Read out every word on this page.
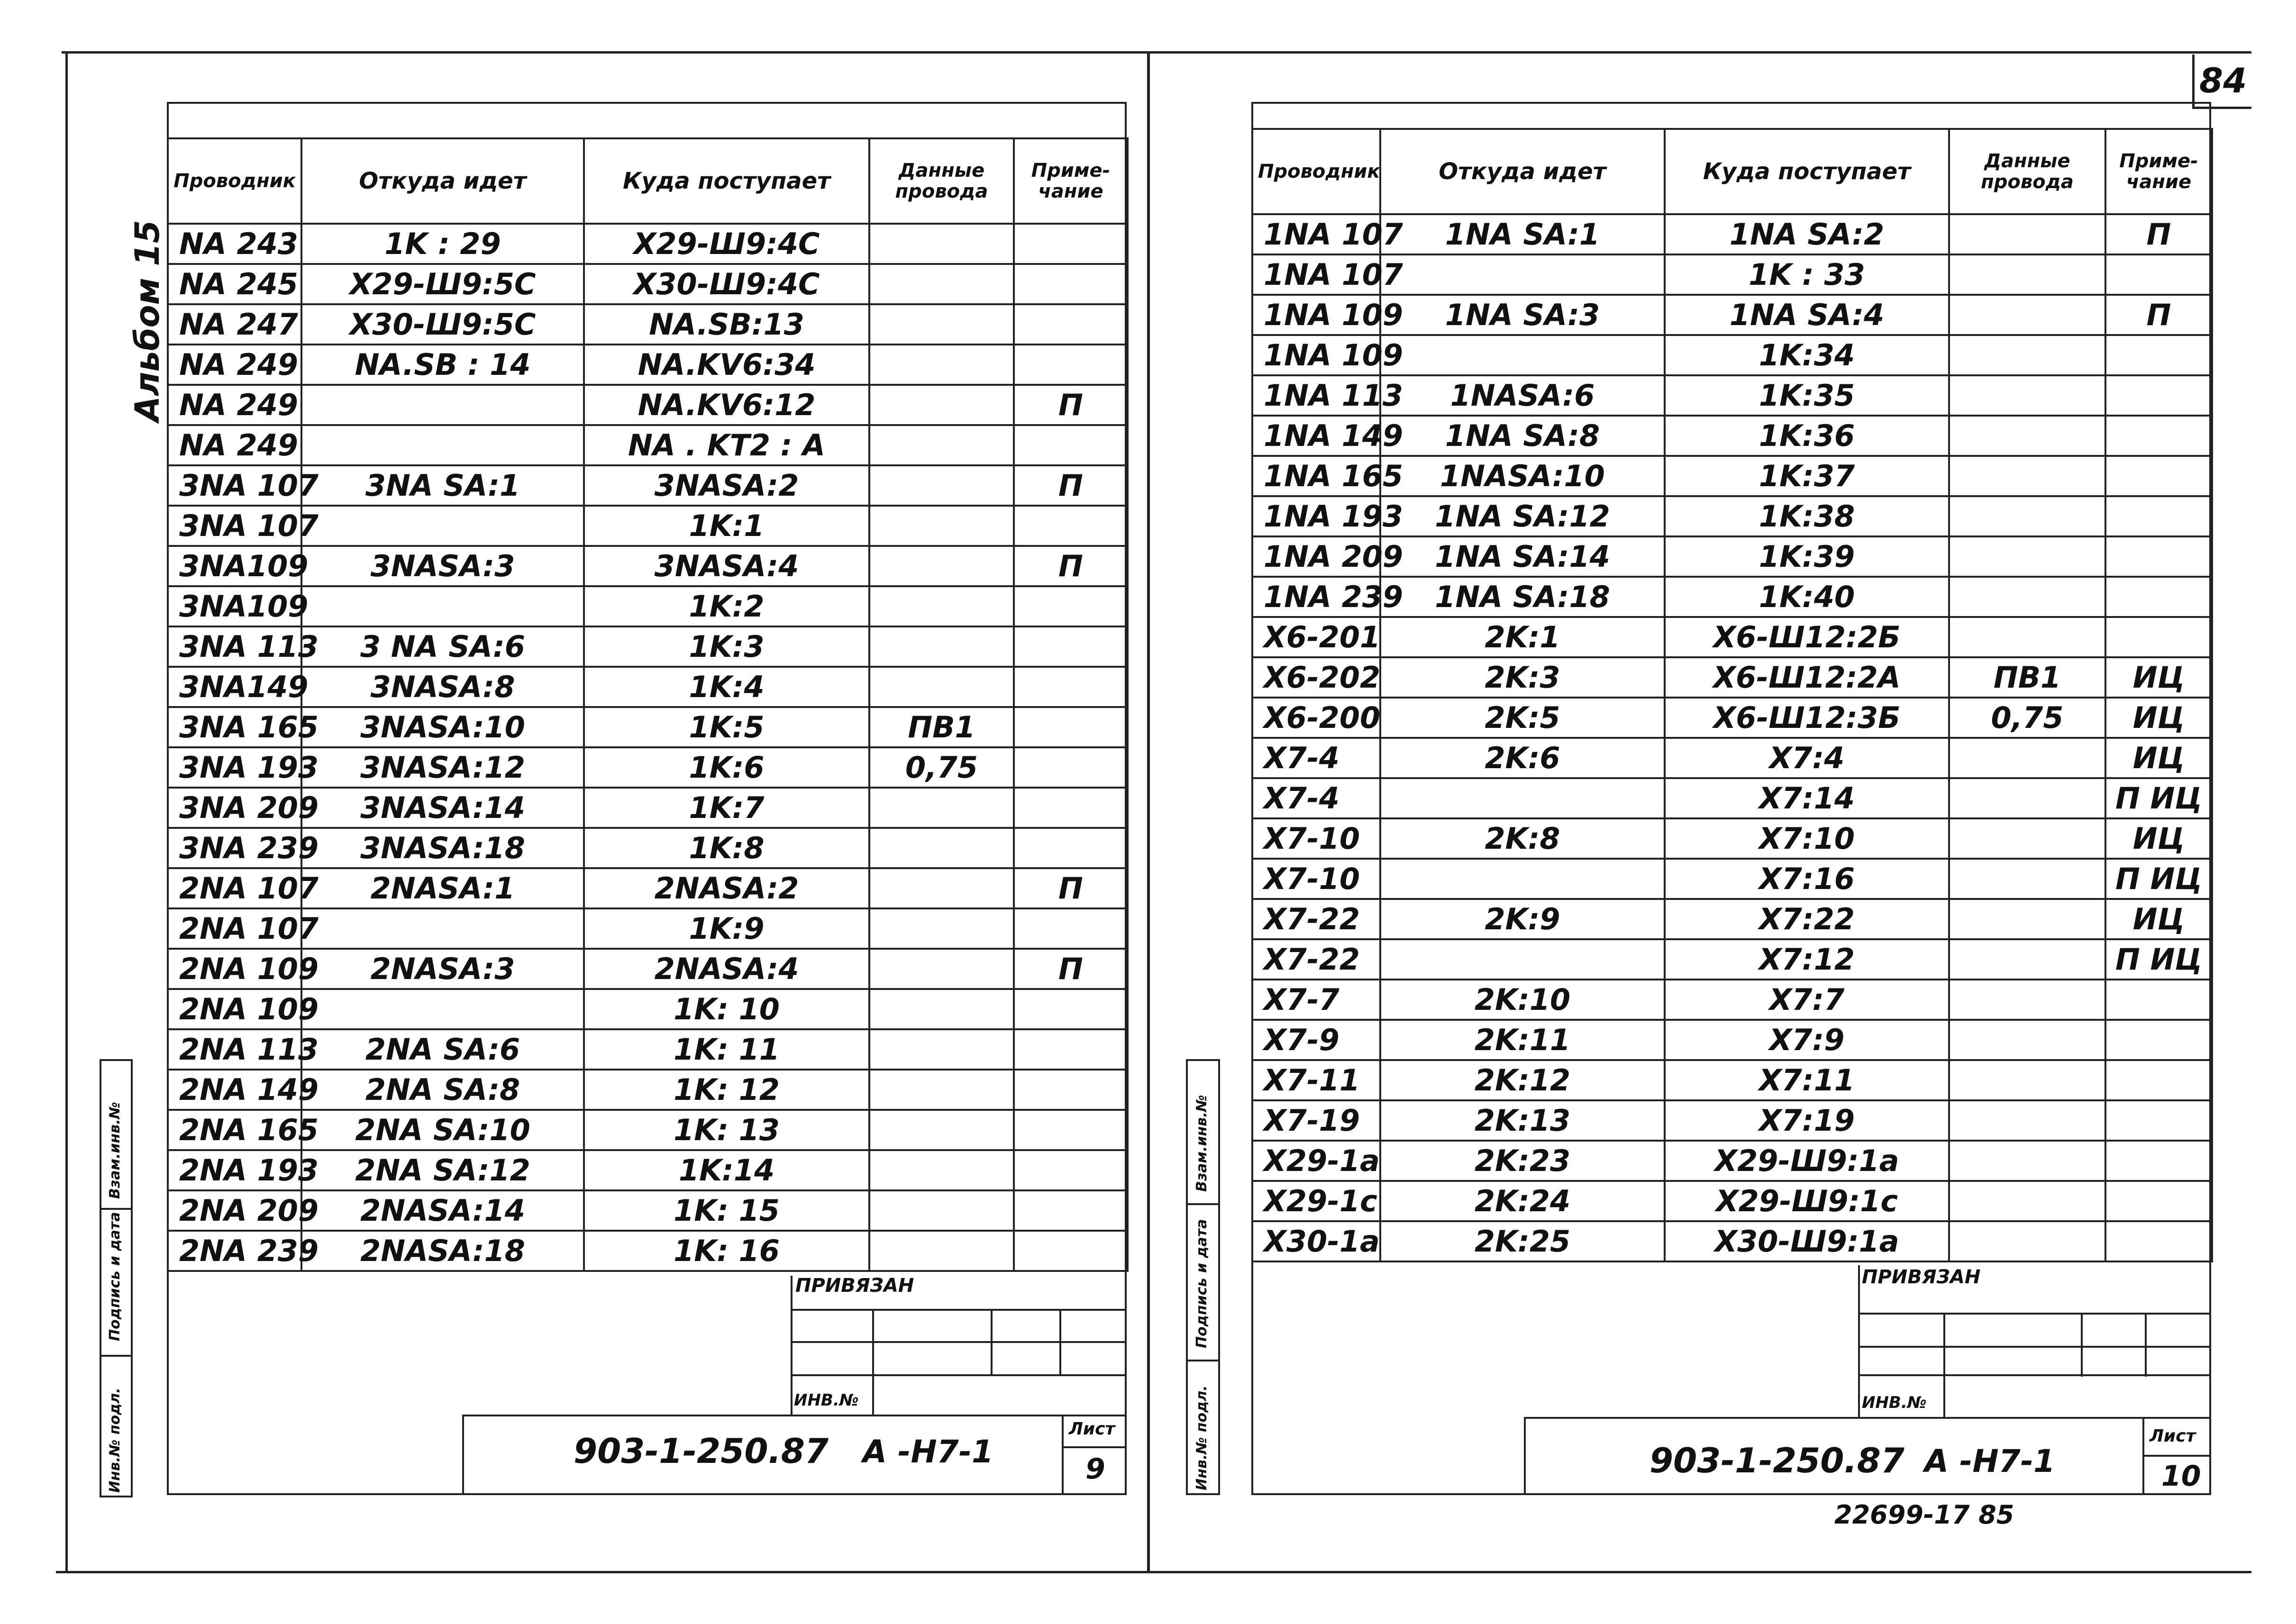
84
Альбом 15
Проводник	Откуда идет	Куда поступает	Данные провода	Приме-чание
NA 243	1K : 29	X29-Ш9:4С		
NA 245	X29-Ш9:5С	X30-Ш9:4С		
NA 247	X30-Ш9:5С	NA.SB:13		
NA 249	NA.SB : 14	NA.KV6:34		
NA 249		NA.KV6:12		П
NA 249		NA . KT2 : A		
3NA 107	3NA SA:1	3NASA:2		П
3NA 107		1K:1		
3NA109	3NASA:3	3NASA:4		П
3NA109		1K:2		
3NA 113	3 NA SA:6	1K:3		
3NA149	3NASA:8	1K:4		
3NA 165	3NASA:10	1K:5	ПВ1	
3NA 193	3NASA:12	1K:6	0,75	
3NA 209	3NASA:14	1K:7		
3NA 239	3NASA:18	1K:8		
2NA 107	2NASA:1	2NASA:2		П
2NA 107		1K:9		
2NA 109	2NASA:3	2NASA:4		П
2NA 109		1K: 10		
2NA 113	2NA SA:6	1K: 11		
2NA 149	2NA SA:8	1K: 12		
2NA 165	2NA SA:10	1K: 13		
2NA 193	2NA SA:12	1K:14		
2NA 209	2NASA:14	1K: 15		
2NA 239	2NASA:18	1K: 16		
ПРИВЯЗАН
ИНВ.№
903-1-250.87 А -Н7-1
Лист
9
Инв.№ подл.
Подпись и дата
Взам.инв.№
Проводник	Откуда идет	Куда поступает	Данные провода	Приме-чание
1NA 107	1NA SA:1	1NA SA:2		П
1NA 107		1K : 33		
1NA 109	1NA SA:3	1NA SA:4		П
1NA 109		1K:34		
1NA 113	1NASA:6	1K:35		
1NA 149	1NA SA:8	1K:36		
1NA 165	1NASA:10	1K:37		
1NA 193	1NA SA:12	1K:38		
1NA 209	1NA SA:14	1K:39		
1NA 239	1NA SA:18	1K:40		
X6-201	2K:1	X6-Ш12:2Б		
X6-202	2K:3	X6-Ш12:2A	ПВ1	ИЦ
X6-200	2K:5	X6-Ш12:3Б	0,75	ИЦ
X7-4	2K:6	X7:4		ИЦ
X7-4		X7:14		П ИЦ
X7-10	2K:8	X7:10		ИЦ
X7-10		X7:16		П ИЦ
X7-22	2K:9	X7:22		ИЦ
X7-22		X7:12		П ИЦ
X7-7	2K:10	X7:7		
X7-9	2K:11	X7:9		
X7-11	2K:12	X7:11		
X7-19	2K:13	X7:19		
X29-1a	2K:23	X29-Ш9:1a		
X29-1c	2K:24	X29-Ш9:1c		
X30-1a	2K:25	X30-Ш9:1a		
ПРИВЯЗАН
ИНВ.№
903-1-250.87 А -Н7-1
Лист
10
22699-17 85
Инв.№ подл.
Подпись и дата
Взам.инв.№
